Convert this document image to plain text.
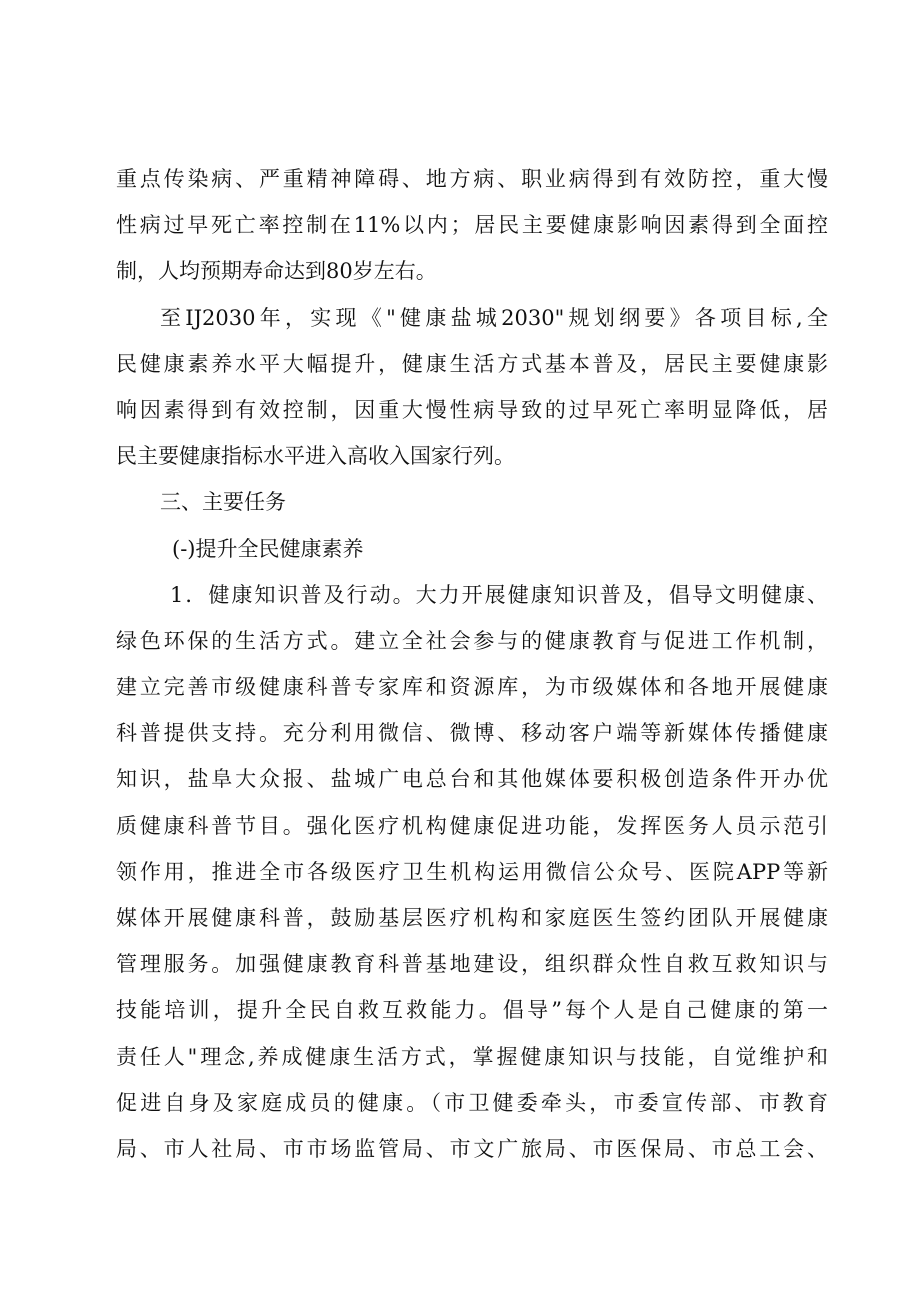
重点传染病、严重精神障碍、地方病、职业病得到有效防控，重大慢
性病过早死亡率控制在11%以内；居民主要健康影响因素得到全面控
制，人均预期寿命达到80岁左右。
至IJ2030年，实现《"健康盐城2030"规划纲要》各项目标,全
民健康素养水平大幅提升，健康生活方式基本普及，居民主要健康影
响因素得到有效控制，因重大慢性病导致的过早死亡率明显降低，居
民主要健康指标水平进入高收入国家行列。
三、主要任务
(-)提升全民健康素养
1．健康知识普及行动。大力开展健康知识普及，倡导文明健康、
绿色环保的生活方式。建立全社会参与的健康教育与促进工作机制，
建立完善市级健康科普专家库和资源库，为市级媒体和各地开展健康
科普提供支持。充分利用微信、微博、移动客户端等新媒体传播健康
知识，盐阜大众报、盐城广电总台和其他媒体要积极创造条件开办优
质健康科普节目。强化医疗机构健康促进功能，发挥医务人员示范引
领作用，推进全市各级医疗卫生机构运用微信公众号、医院APP等新
媒体开展健康科普，鼓励基层医疗机构和家庭医生签约团队开展健康
管理服务。加强健康教育科普基地建设，组织群众性自救互救知识与
技能培训，提升全民自救互救能力。倡导”每个人是自己健康的第一
责任人"理念,养成健康生活方式，掌握健康知识与技能，自觉维护和
促进自身及家庭成员的健康。（市卫健委牵头，市委宣传部、市教育
局、市人社局、市市场监管局、市文广旅局、市医保局、市总工会、
